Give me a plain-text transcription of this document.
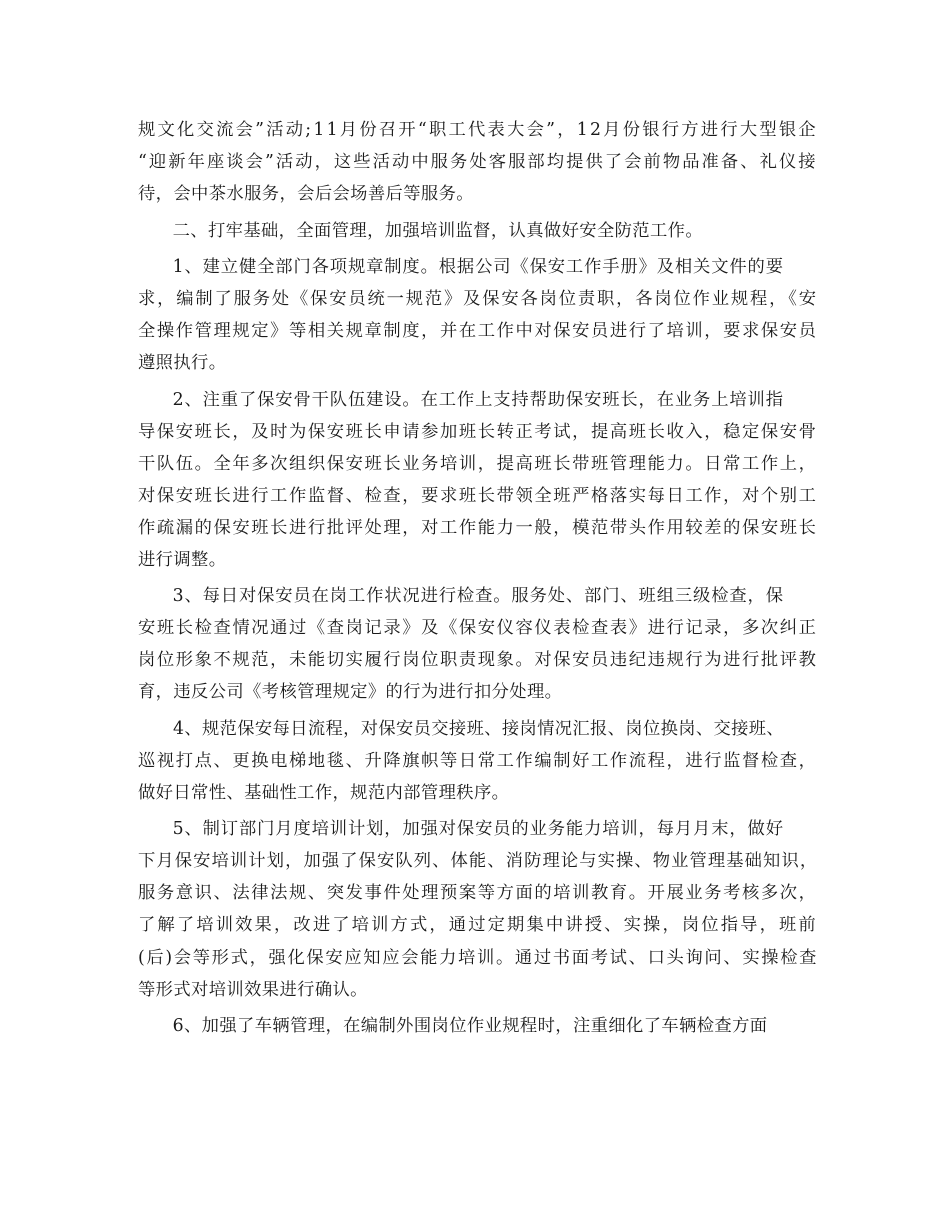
规文化交流会”活动;11月份召开“职工代表大会”，12月份银行方进行大型银企
“迎新年座谈会”活动，这些活动中服务处客服部均提供了会前物品准备、礼仪接
待，会中茶水服务，会后会场善后等服务。

二、打牢基础，全面管理，加强培训监督，认真做好安全防范工作。

1、建立健全部门各项规章制度。根据公司《保安工作手册》及相关文件的要
求，编制了服务处《保安员统一规范》及保安各岗位责职，各岗位作业规程，《安
全操作管理规定》等相关规章制度，并在工作中对保安员进行了培训，要求保安员
遵照执行。

2、注重了保安骨干队伍建设。在工作上支持帮助保安班长，在业务上培训指
导保安班长，及时为保安班长申请参加班长转正考试，提高班长收入，稳定保安骨
干队伍。全年多次组织保安班长业务培训，提高班长带班管理能力。日常工作上，
对保安班长进行工作监督、检查，要求班长带领全班严格落实每日工作，对个别工
作疏漏的保安班长进行批评处理，对工作能力一般，模范带头作用较差的保安班长
进行调整。

3、每日对保安员在岗工作状况进行检查。服务处、部门、班组三级检查，保
安班长检查情况通过《查岗记录》及《保安仪容仪表检查表》进行记录，多次纠正
岗位形象不规范，未能切实履行岗位职责现象。对保安员违纪违规行为进行批评教
育，违反公司《考核管理规定》的行为进行扣分处理。

4、规范保安每日流程，对保安员交接班、接岗情况汇报、岗位换岗、交接班、
巡视打点、更换电梯地毯、升降旗帜等日常工作编制好工作流程，进行监督检查，
做好日常性、基础性工作，规范内部管理秩序。

5、制订部门月度培训计划，加强对保安员的业务能力培训，每月月末，做好
下月保安培训计划，加强了保安队列、体能、消防理论与实操、物业管理基础知识，
服务意识、法律法规、突发事件处理预案等方面的培训教育。开展业务考核多次，
了解了培训效果，改进了培训方式，通过定期集中讲授、实操，岗位指导，班前
(后)会等形式，强化保安应知应会能力培训。通过书面考试、口头询问、实操检查
等形式对培训效果进行确认。

6、加强了车辆管理，在编制外围岗位作业规程时，注重细化了车辆检查方面
